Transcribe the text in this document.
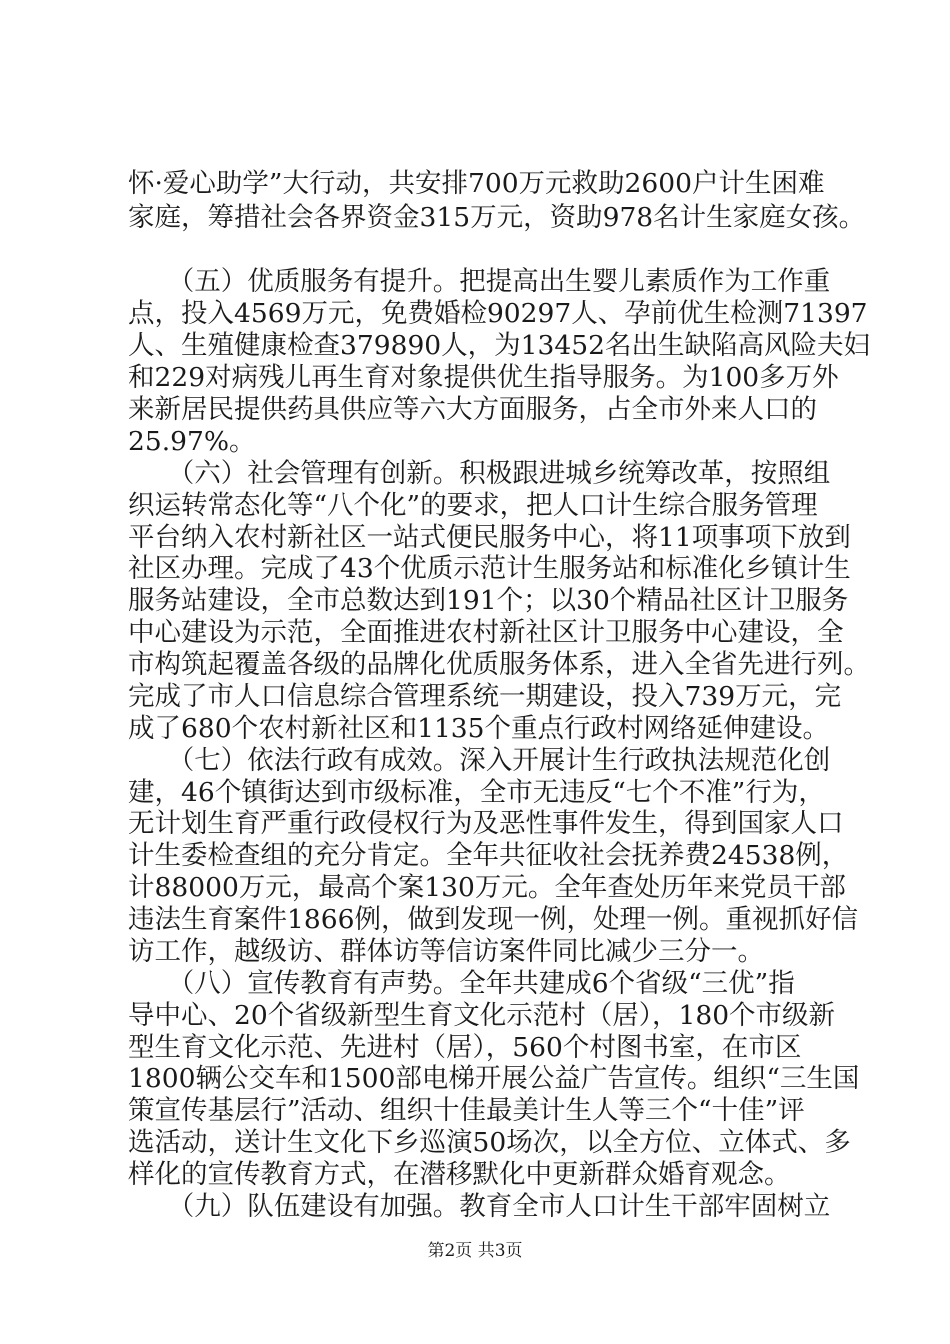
怀·爱心助学”大行动，共安排700万元救助2600户计生困难
家庭，筹措社会各界资金315万元，资助978名计生家庭女孩。
　　（五）优质服务有提升。把提高出生婴儿素质作为工作重
点，投入4569万元，免费婚检90297人、孕前优生检测71397
人、生殖健康检查379890人，为13452名出生缺陷高风险夫妇
和229对病残儿再生育对象提供优生指导服务。为100多万外
来新居民提供药具供应等六大方面服务，占全市外来人口的
25.97%。
　　（六）社会管理有创新。积极跟进城乡统筹改革，按照组
织运转常态化等“八个化”的要求，把人口计生综合服务管理
平台纳入农村新社区一站式便民服务中心，将11项事项下放到
社区办理。完成了43个优质示范计生服务站和标准化乡镇计生
服务站建设，全市总数达到191个；以30个精品社区计卫服务
中心建设为示范，全面推进农村新社区计卫服务中心建设，全
市构筑起覆盖各级的品牌化优质服务体系，进入全省先进行列。
完成了市人口信息综合管理系统一期建设，投入739万元，完
成了680个农村新社区和1135个重点行政村网络延伸建设。
　　（七）依法行政有成效。深入开展计生行政执法规范化创
建，46个镇街达到市级标准，全市无违反“七个不准”行为，
无计划生育严重行政侵权行为及恶性事件发生，得到国家人口
计生委检查组的充分肯定。全年共征收社会抚养费24538例，
计88000万元，最高个案130万元。全年查处历年来党员干部
违法生育案件1866例，做到发现一例，处理一例。重视抓好信
访工作，越级访、群体访等信访案件同比减少三分一。
　　（八）宣传教育有声势。全年共建成6个省级“三优”指
导中心、20个省级新型生育文化示范村（居），180个市级新
型生育文化示范、先进村（居），560个村图书室，在市区
1800辆公交车和1500部电梯开展公益广告宣传。组织“三生国
策宣传基层行”活动、组织十佳最美计生人等三个“十佳”评
选活动，送计生文化下乡巡演50场次，以全方位、立体式、多
样化的宣传教育方式，在潜移默化中更新群众婚育观念。
　　（九）队伍建设有加强。教育全市人口计生干部牢固树立
第2页 共3页
